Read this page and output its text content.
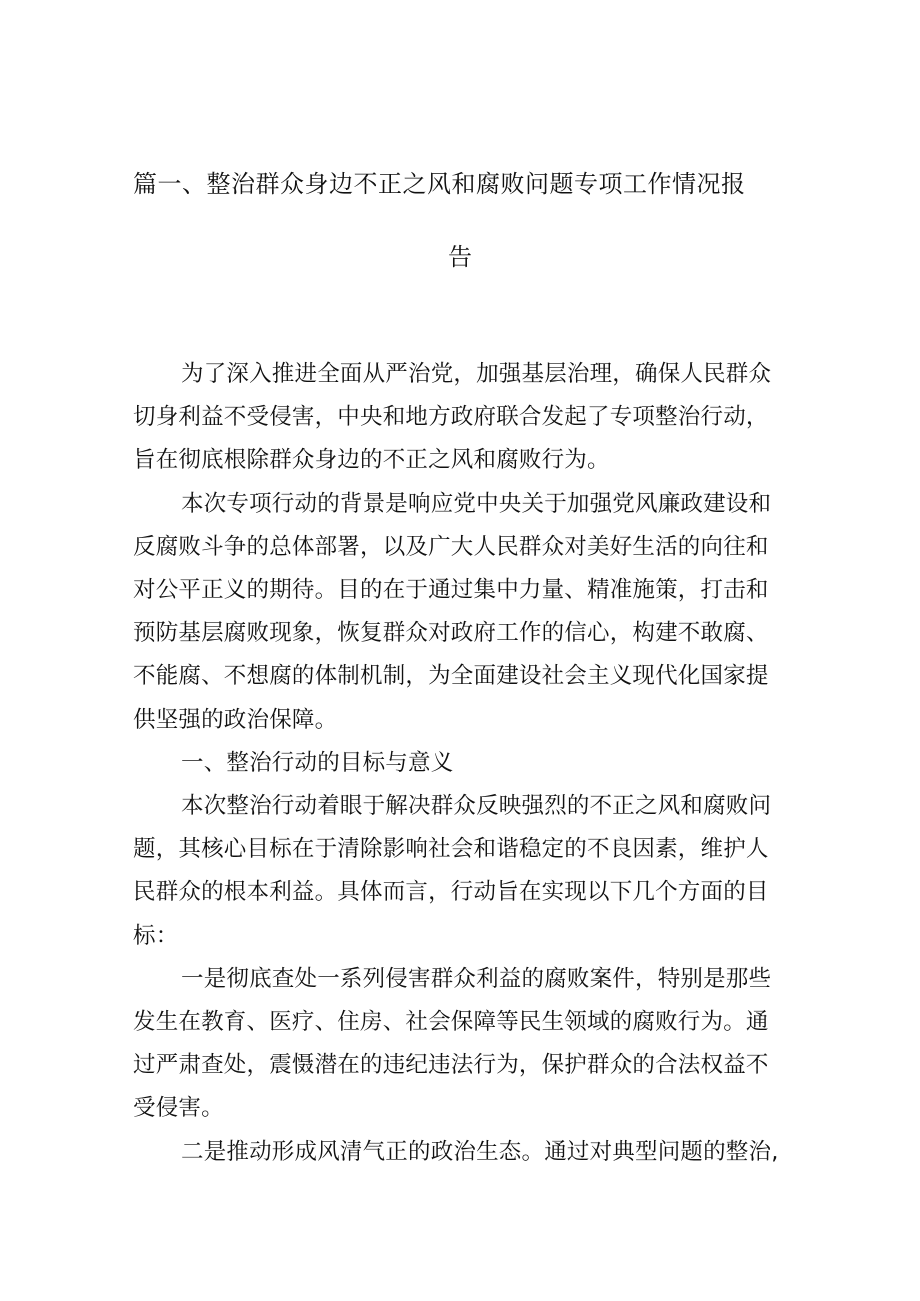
篇一、整治群众身边不正之风和腐败问题专项工作情况报
告

为了深入推进全面从严治党，加强基层治理，确保人民群众
切身利益不受侵害，中央和地方政府联合发起了专项整治行动，
旨在彻底根除群众身边的不正之风和腐败行为。

本次专项行动的背景是响应党中央关于加强党风廉政建设和
反腐败斗争的总体部署，以及广大人民群众对美好生活的向往和
对公平正义的期待。目的在于通过集中力量、精准施策，打击和
预防基层腐败现象，恢复群众对政府工作的信心，构建不敢腐、
不能腐、不想腐的体制机制，为全面建设社会主义现代化国家提
供坚强的政治保障。

一、整治行动的目标与意义

本次整治行动着眼于解决群众反映强烈的不正之风和腐败问
题，其核心目标在于清除影响社会和谐稳定的不良因素，维护人
民群众的根本利益。具体而言，行动旨在实现以下几个方面的目
标：

一是彻底查处一系列侵害群众利益的腐败案件，特别是那些
发生在教育、医疗、住房、社会保障等民生领域的腐败行为。通
过严肃查处，震慑潜在的违纪违法行为，保护群众的合法权益不
受侵害。

二是推动形成风清气正的政治生态。通过对典型问题的整治,
